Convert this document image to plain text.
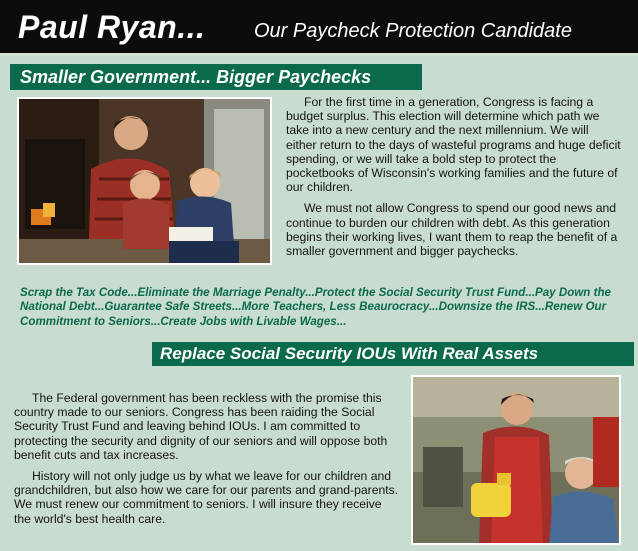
Paul Ryan... Our Paycheck Protection Candidate
Smaller Government... Bigger Paychecks

For the first time in a generation, Congress is facing a budget surplus. This election will determine which path we take into a new century and the next millennium. We will either return to the days of wasteful programs and huge deficit spending, or we will take a bold step to protect the pocketbooks of Wisconsin's working families and the future of our children.

We must not allow Congress to spend our good news and continue to burden our children with debt. As this generation begins their working lives, I want them to reap the benefit of a smaller government and bigger paychecks.

Scrap the Tax Code...Eliminate the Marriage Penalty...Protect the Social Security Trust Fund...Pay Down the National Debt...Guarantee Safe Streets...More Teachers, Less Beaurocracy...Downsize the IRS...Renew Our Commitment to Seniors...Create Jobs with Livable Wages...
Replace Social Security IOUs With Real Assets

The Federal government has been reckless with the promise this country made to our seniors. Congress has been raiding the Social Security Trust Fund and leaving behind IOUs. I am committed to protecting the security and dignity of our seniors and will oppose both benefit cuts and tax increases.

History will not only judge us by what we leave for our children and grandchildren, but also how we care for our parents and grand-parents. We must renew our commitment to seniors. I will insure they receive the world's best health care.
